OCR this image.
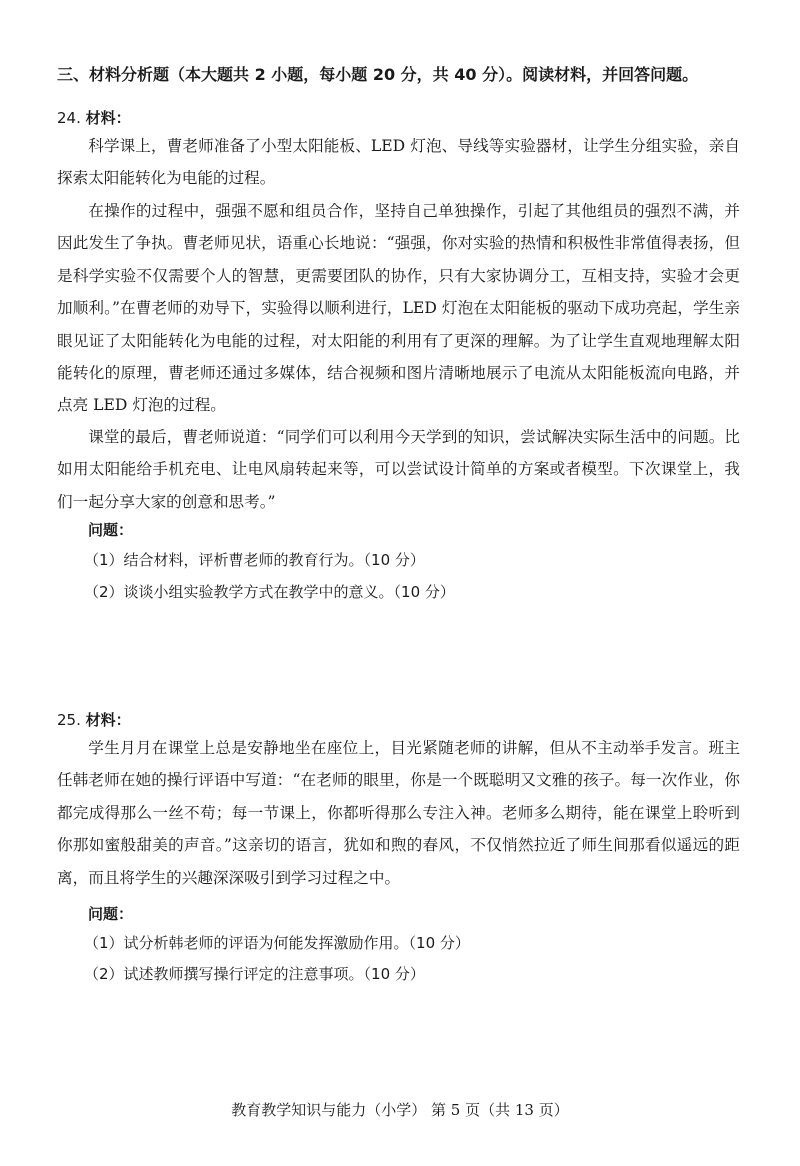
三、材料分析题（本大题共 2 小题，每小题 20 分，共 40 分）。阅读材料，并回答问题。
24. 材料：

科学课上，曹老师准备了小型太阳能板、LED 灯泡、导线等实验器材，让学生分组实验，亲自探索太阳能转化为电能的过程。

在操作的过程中，强强不愿和组员合作，坚持自己单独操作，引起了其他组员的强烈不满，并因此发生了争执。曹老师见状，语重心长地说：“强强，你对实验的热情和积极性非常值得表扬，但是科学实验不仅需要个人的智慧，更需要团队的协作，只有大家协调分工，互相支持，实验才会更加顺利。”在曹老师的劝导下，实验得以顺利进行，LED 灯泡在太阳能板的驱动下成功亮起，学生亲眼见证了太阳能转化为电能的过程，对太阳能的利用有了更深的理解。为了让学生直观地理解太阳能转化的原理，曹老师还通过多媒体，结合视频和图片清晰地展示了电流从太阳能板流向电路，并点亮 LED 灯泡的过程。

课堂的最后，曹老师说道：“同学们可以利用今天学到的知识，尝试解决实际生活中的问题。比如用太阳能给手机充电、让电风扇转起来等，可以尝试设计简单的方案或者模型。下次课堂上，我们一起分享大家的创意和思考。”

问题：
（1）结合材料，评析曹老师的教育行为。（10 分）
（2）谈谈小组实验教学方式在教学中的意义。（10 分）
25. 材料：

学生月月在课堂上总是安静地坐在座位上，目光紧随老师的讲解，但从不主动举手发言。班主任韩老师在她的操行评语中写道：“在老师的眼里，你是一个既聪明又文雅的孩子。每一次作业，你都完成得那么一丝不苟；每一节课上，你都听得那么专注入神。老师多么期待，能在课堂上聆听到你那如蜜般甜美的声音。”这亲切的语言，犹如和煦的春风，不仅悄然拉近了师生间那看似遥远的距离，而且将学生的兴趣深深吸引到学习过程之中。

问题：
（1）试分析韩老师的评语为何能发挥激励作用。（10 分）
（2）试述教师撰写操行评定的注意事项。（10 分）
教育教学知识与能力（小学） 第 5 页（共 13 页）
